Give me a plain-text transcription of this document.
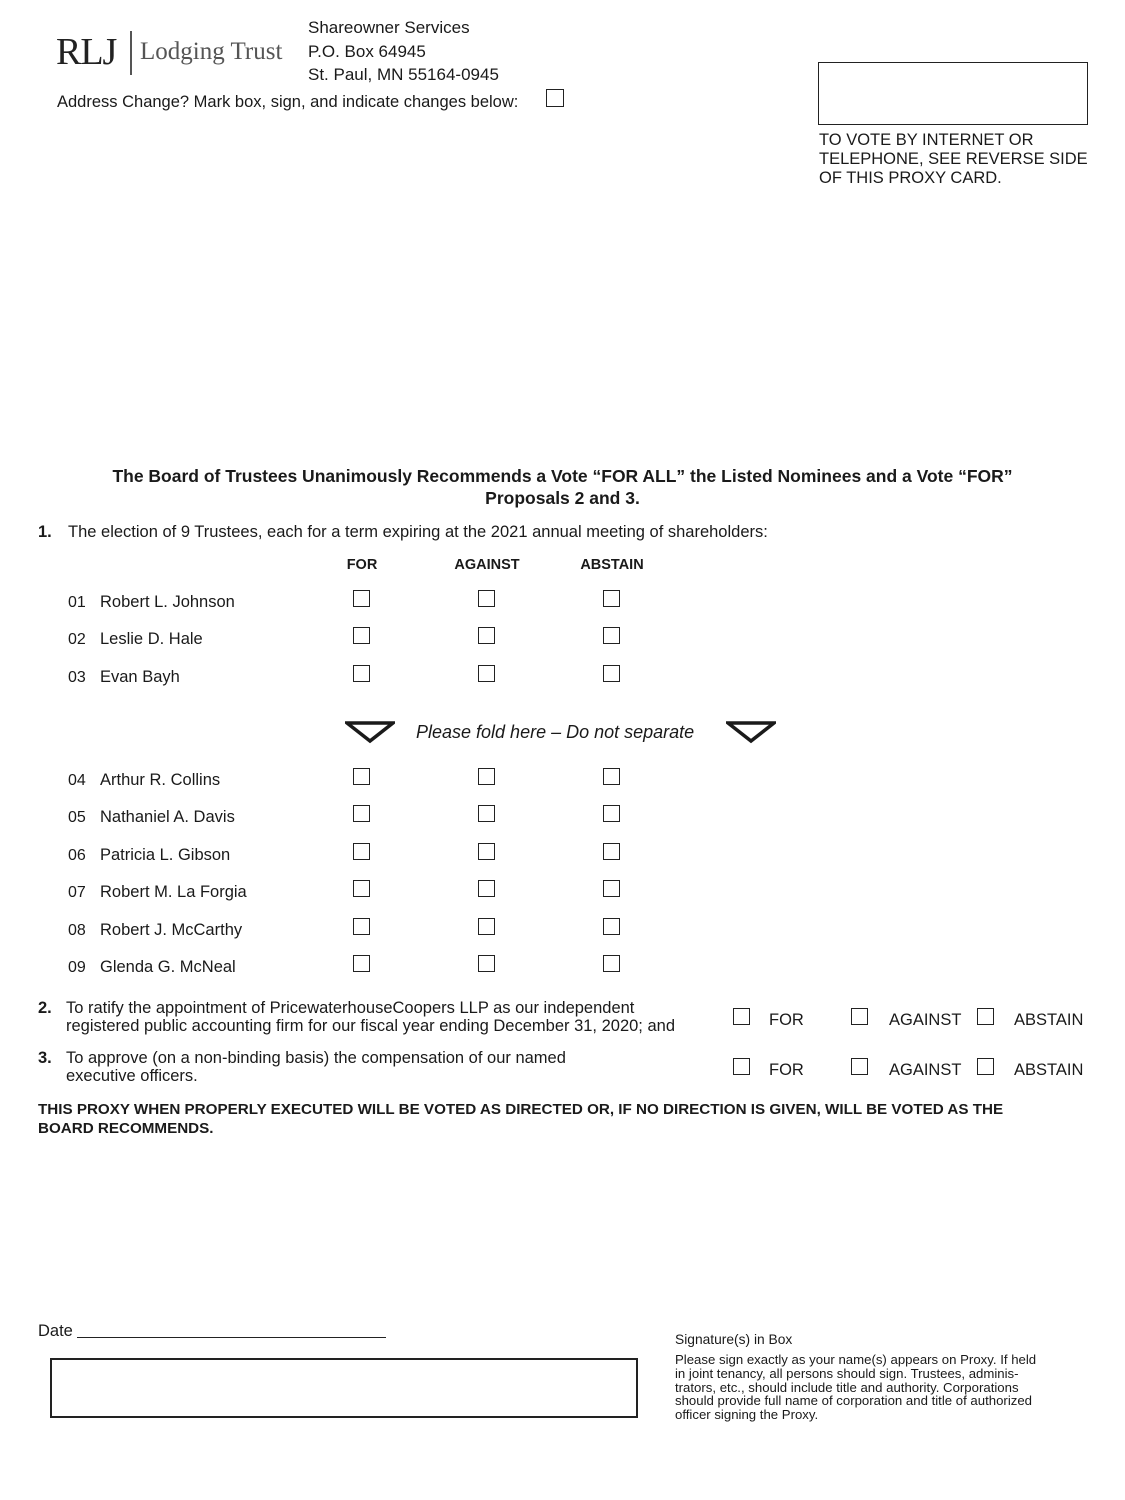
RLJ Lodging Trust
Shareowner Services
P.O. Box 64945
St. Paul, MN 55164-0945
Address Change? Mark box, sign, and indicate changes below:
TO VOTE BY INTERNET OR
TELEPHONE, SEE REVERSE SIDE
OF THIS PROXY CARD.
The Board of Trustees Unanimously Recommends a Vote “FOR ALL” the Listed Nominees and a Vote “FOR”
Proposals 2 and 3.
1. The election of 9 Trustees, each for a term expiring at the 2021 annual meeting of shareholders:
FOR	AGAINST	ABSTAIN
01 Robert L. Johnson
02 Leslie D. Hale
03 Evan Bayh
Please fold here – Do not separate
04 Arthur R. Collins
05 Nathaniel A. Davis
06 Patricia L. Gibson
07 Robert M. La Forgia
08 Robert J. McCarthy
09 Glenda G. McNeal
2. To ratify the appointment of PricewaterhouseCoopers LLP as our independent
registered public accounting firm for our fiscal year ending December 31, 2020; and	FOR	AGAINST	ABSTAIN
3. To approve (on a non-binding basis) the compensation of our named
executive officers.	FOR	AGAINST	ABSTAIN
THIS PROXY WHEN PROPERLY EXECUTED WILL BE VOTED AS DIRECTED OR, IF NO DIRECTION IS GIVEN, WILL BE VOTED AS THE
BOARD RECOMMENDS.
Date	Signature(s) in Box
Please sign exactly as your name(s) appears on Proxy. If held
in joint tenancy, all persons should sign. Trustees, adminis-
trators, etc., should include title and authority. Corporations
should provide full name of corporation and title of authorized
officer signing the Proxy.
